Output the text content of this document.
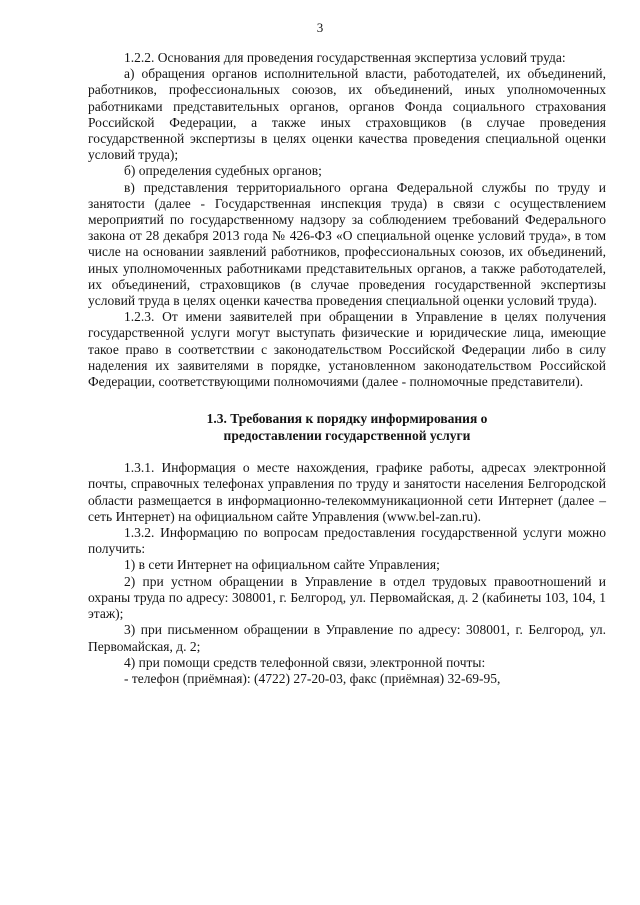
3

1.2.2. Основания для проведения государственная экспертиза условий труда:

а) обращения органов исполнительной власти, работодателей, их объединений, работников, профессиональных союзов, их объединений, иных уполномоченных работниками представительных органов, органов Фонда социального страхования Российской Федерации, а также иных страховщиков (в случае проведения государственной экспертизы в целях оценки качества проведения специальной оценки условий труда);

б) определения судебных органов;

в) представления территориального органа Федеральной службы по труду и занятости (далее - Государственная инспекция труда) в связи с осуществлением мероприятий по государственному надзору за соблюдением требований Федерального закона от 28 декабря 2013 года № 426-ФЗ «О специальной оценке условий труда», в том числе на основании заявлений работников, профессиональных союзов, их объединений, иных уполномоченных работниками представительных органов, а также работодателей, их объединений, страховщиков (в случае проведения государственной экспертизы условий труда в целях оценки качества проведения специальной оценки условий труда).

1.2.3. От имени заявителей при обращении в Управление в целях получения государственной услуги могут выступать физические и юридические лица, имеющие такое право в соответствии с законодательством Российской Федерации либо в силу наделения их заявителями в порядке, установленном законодательством Российской Федерации, соответствующими полномочиями (далее - полномочные представители).

1.3. Требования к порядку информирования о
предоставлении государственной услуги

1.3.1. Информация о месте нахождения, графике работы, адресах электронной почты, справочных телефонах управления по труду и занятости населения Белгородской области размещается в информационно-телекоммуникационной сети Интернет (далее – сеть Интернет) на официальном сайте Управления (www.bel-zan.ru).

1.3.2. Информацию по вопросам предоставления государственной услуги можно получить:

1) в сети Интернет на официальном сайте Управления;

2) при устном обращении в Управление в отдел трудовых правоотношений и охраны труда по адресу: 308001, г. Белгород, ул. Первомайская, д. 2 (кабинеты 103, 104, 1 этаж);

3) при письменном обращении в Управление по адресу: 308001, г. Белгород, ул. Первомайская, д. 2;

4) при помощи средств телефонной связи, электронной почты:

- телефон (приёмная): (4722) 27-20-03, факс (приёмная) 32-69-95,
